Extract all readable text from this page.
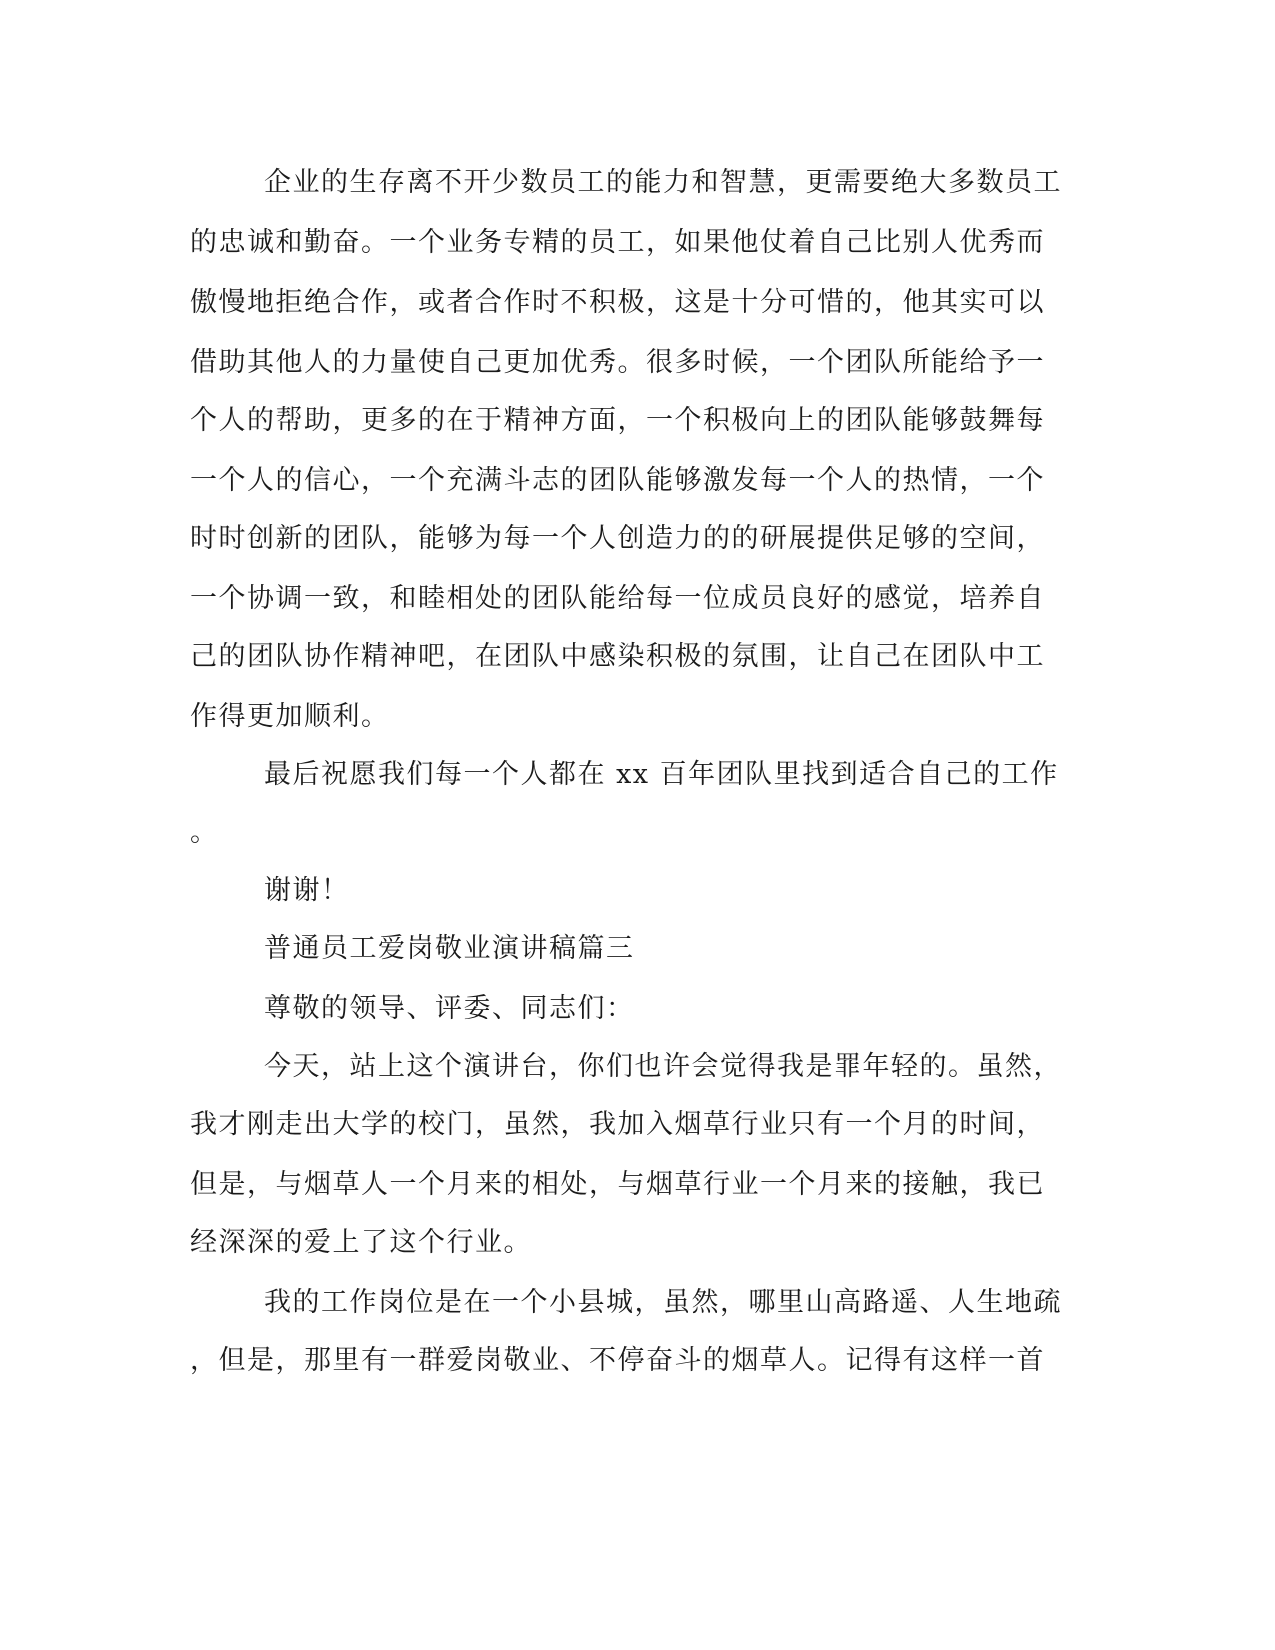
企业的生存离不开少数员工的能力和智慧，更需要绝大多数员工
的忠诚和勤奋。一个业务专精的员工，如果他仗着自己比别人优秀而
傲慢地拒绝合作，或者合作时不积极，这是十分可惜的，他其实可以
借助其他人的力量使自己更加优秀。很多时候，一个团队所能给予一
个人的帮助，更多的在于精神方面，一个积极向上的团队能够鼓舞每
一个人的信心，一个充满斗志的团队能够激发每一个人的热情，一个
时时创新的团队，能够为每一个人创造力的的研展提供足够的空间，
一个协调一致，和睦相处的团队能给每一位成员良好的感觉，培养自
己的团队协作精神吧，在团队中感染积极的氛围，让自己在团队中工
作得更加顺利。
最后祝愿我们每一个人都在 xx 百年团队里找到适合自己的工作
。
谢谢！
普通员工爱岗敬业演讲稿篇三
尊敬的领导、评委、同志们：
今天，站上这个演讲台，你们也许会觉得我是罪年轻的。虽然，
我才刚走出大学的校门，虽然，我加入烟草行业只有一个月的时间，
但是，与烟草人一个月来的相处，与烟草行业一个月来的接触，我已
经深深的爱上了这个行业。
我的工作岗位是在一个小县城，虽然，哪里山高路遥、人生地疏
，但是，那里有一群爱岗敬业、不停奋斗的烟草人。记得有这样一首
